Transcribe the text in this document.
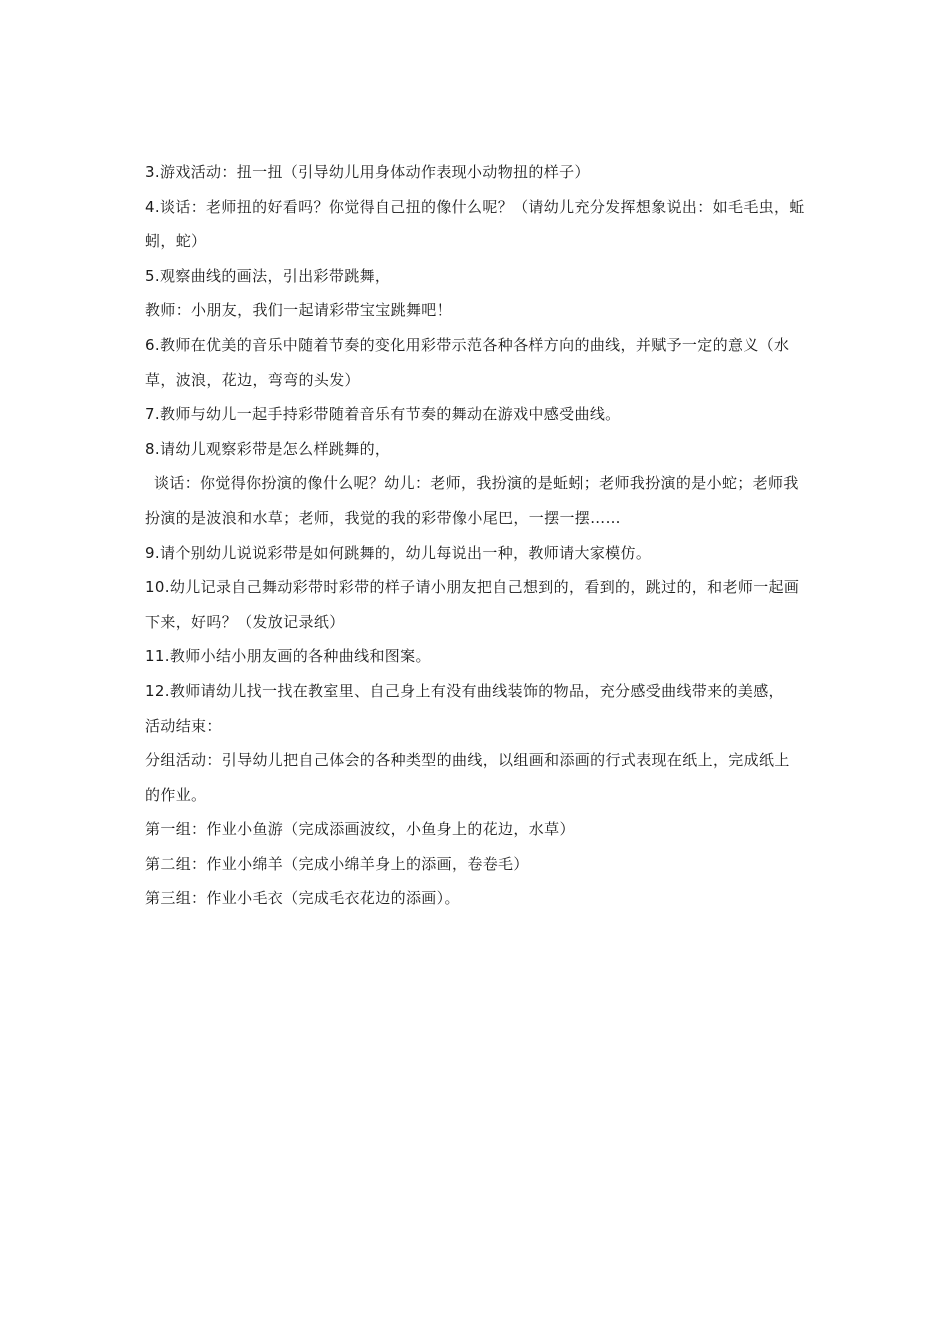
3.游戏活动：扭一扭（引导幼儿用身体动作表现小动物扭的样子）

4.谈话：老师扭的好看吗？你觉得自己扭的像什么呢？（请幼儿充分发挥想象说出：如毛毛虫，蚯蚓，蛇）

5.观察曲线的画法，引出彩带跳舞，

教师：小朋友，我们一起请彩带宝宝跳舞吧！

6.教师在优美的音乐中随着节奏的变化用彩带示范各种各样方向的曲线，并赋予一定的意义（水草，波浪，花边，弯弯的头发）

7.教师与幼儿一起手持彩带随着音乐有节奏的舞动在游戏中感受曲线。

8.请幼儿观察彩带是怎么样跳舞的，

谈话：你觉得你扮演的像什么呢？幼儿：老师，我扮演的是蚯蚓；老师我扮演的是小蛇；老师我扮演的是波浪和水草；老师，我觉的我的彩带像小尾巴，一摆一摆……

9.请个别幼儿说说彩带是如何跳舞的，幼儿每说出一种，教师请大家模仿。

10.幼儿记录自己舞动彩带时彩带的样子请小朋友把自己想到的，看到的，跳过的，和老师一起画下来，好吗？（发放记录纸）

11.教师小结小朋友画的各种曲线和图案。

12.教师请幼儿找一找在教室里、自己身上有没有曲线装饰的物品，充分感受曲线带来的美感，

活动结束：

分组活动：引导幼儿把自己体会的各种类型的曲线，以组画和添画的行式表现在纸上，完成纸上的作业。

第一组：作业小鱼游（完成添画波纹，小鱼身上的花边，水草）

第二组：作业小绵羊（完成小绵羊身上的添画，卷卷毛）

第三组：作业小毛衣（完成毛衣花边的添画）。
